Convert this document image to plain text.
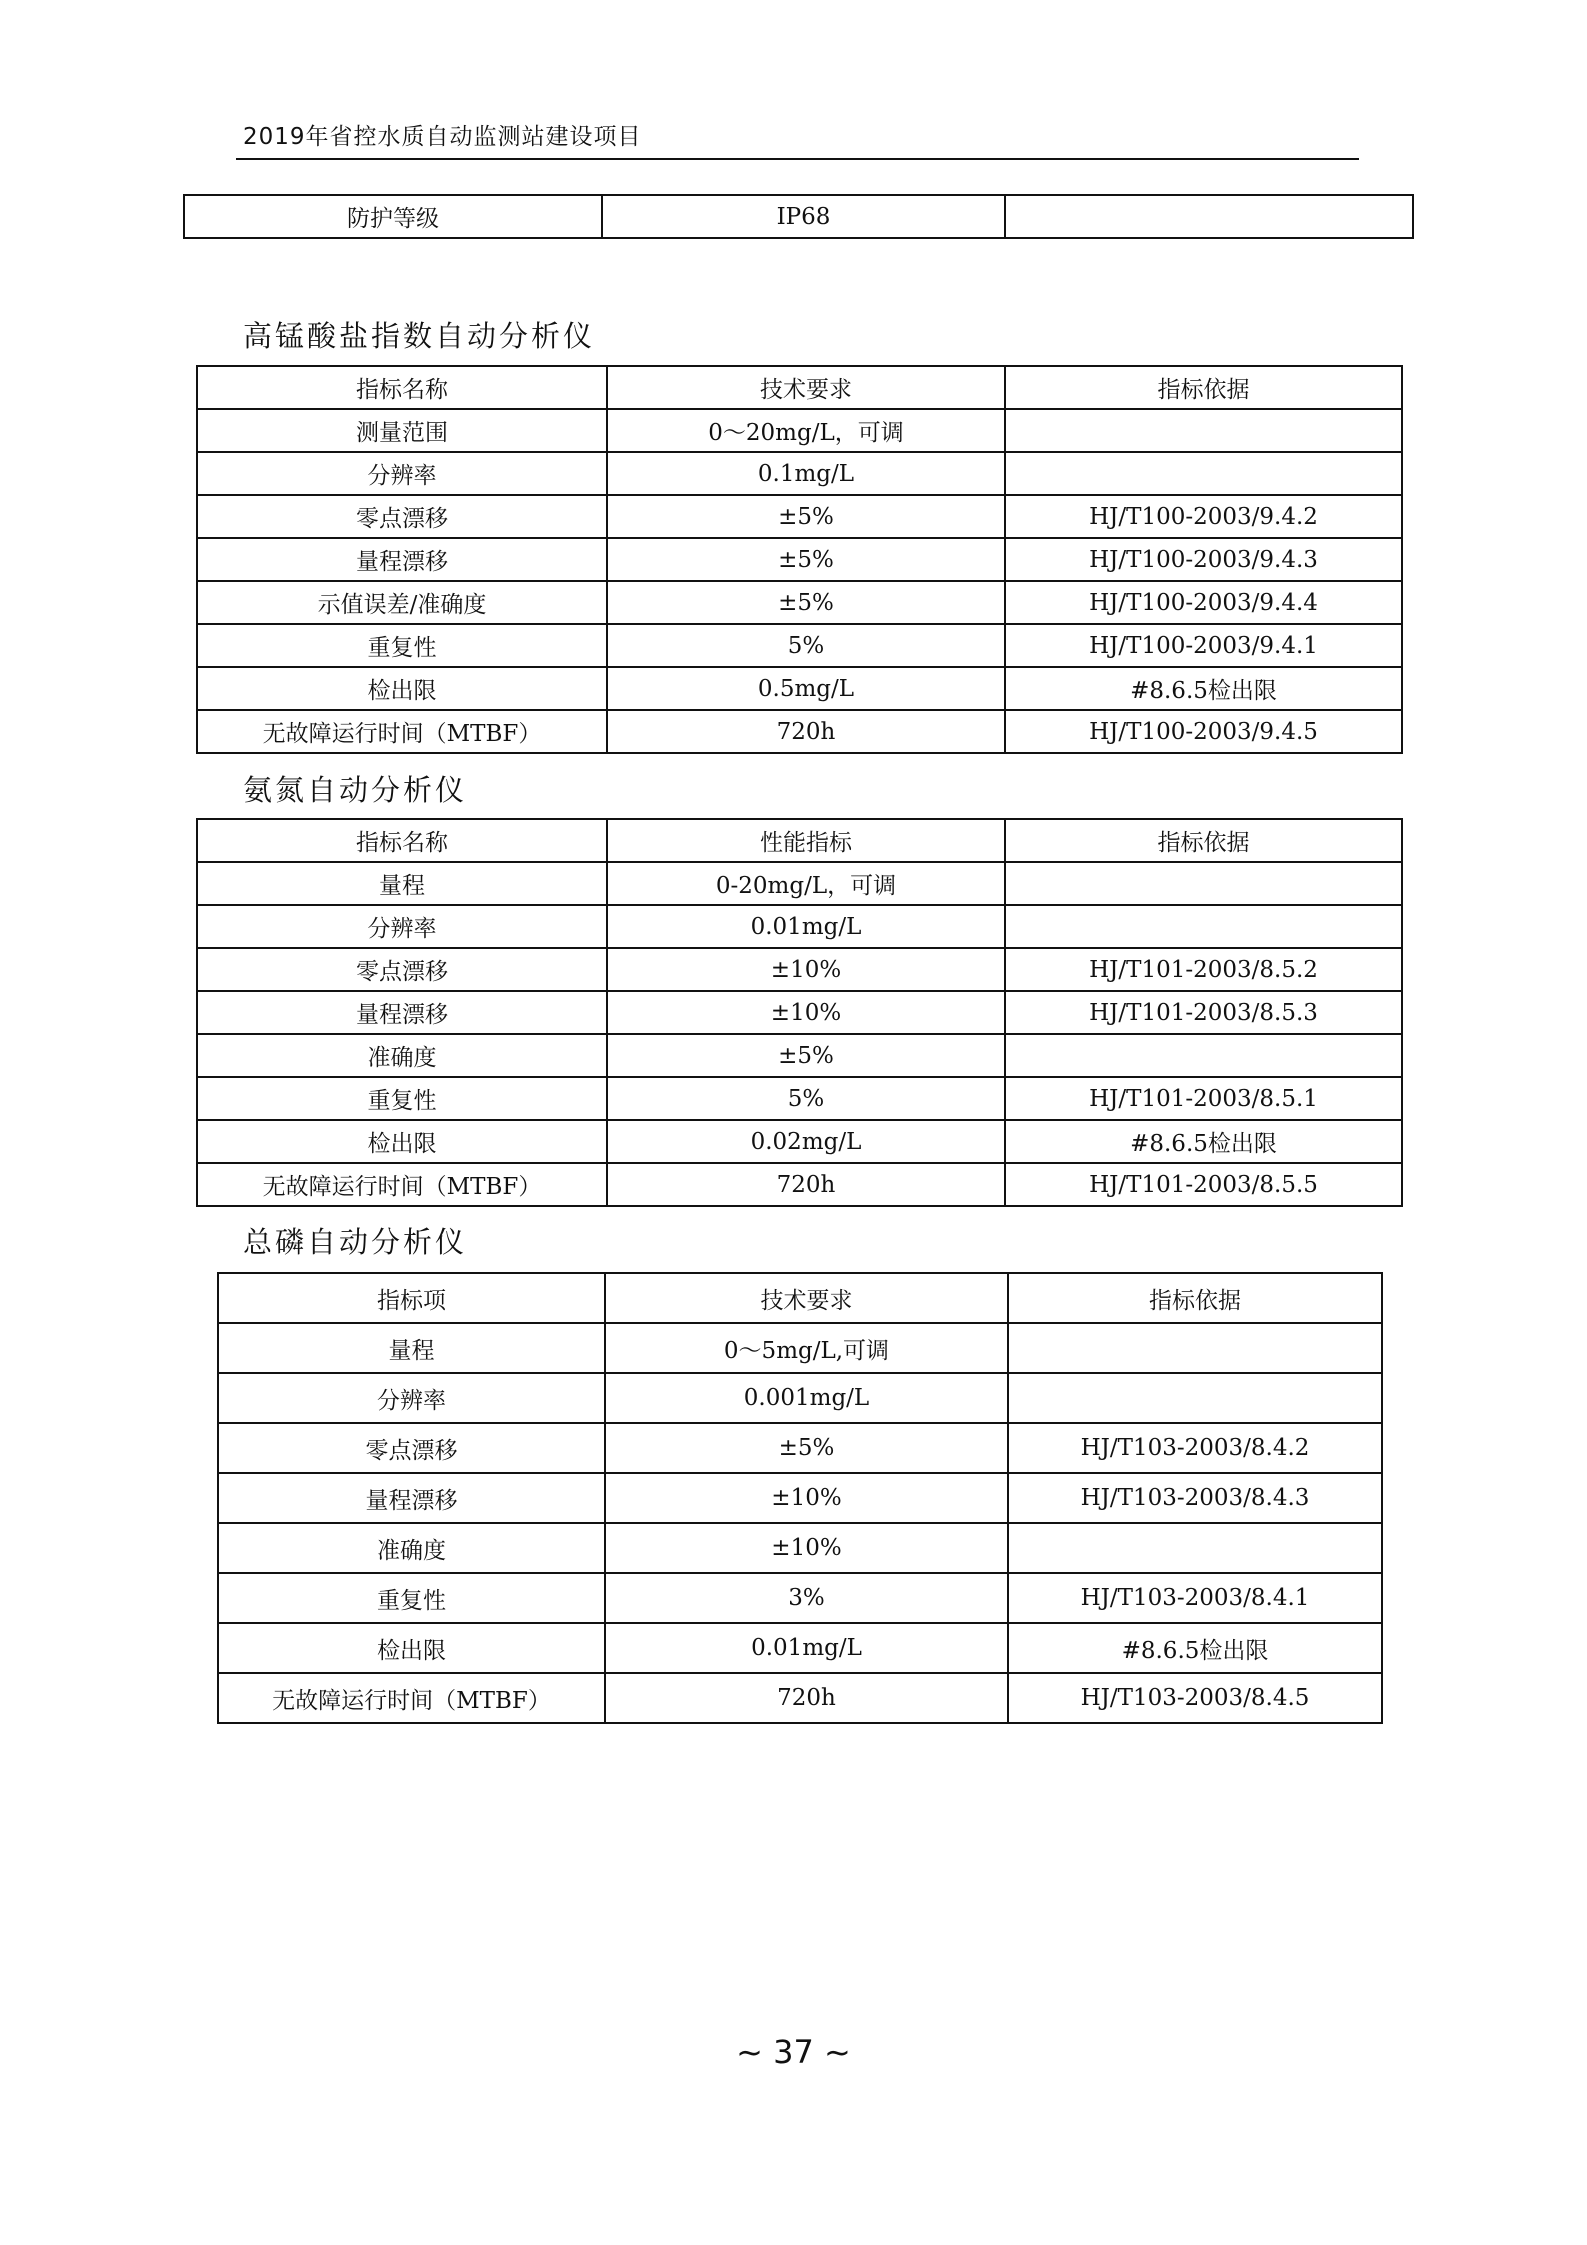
2019年省控水质自动监测站建设项目
防护等级	IP68	
高锰酸盐指数自动分析仪
指标名称	技术要求	指标依据
测量范围	0～20mg/L，可调	
分辨率	0.1mg/L	
零点漂移	±5%	HJ/T100-2003/9.4.2
量程漂移	±5%	HJ/T100-2003/9.4.3
示值误差/准确度	±5%	HJ/T100-2003/9.4.4
重复性	5%	HJ/T100-2003/9.4.1
检出限	0.5mg/L	#8.6.5检出限
无故障运行时间（MTBF）	720h	HJ/T100-2003/9.4.5
氨氮自动分析仪
指标名称	性能指标	指标依据
量程	0-20mg/L，可调	
分辨率	0.01mg/L	
零点漂移	±10%	HJ/T101-2003/8.5.2
量程漂移	±10%	HJ/T101-2003/8.5.3
准确度	±5%	
重复性	5%	HJ/T101-2003/8.5.1
检出限	0.02mg/L	#8.6.5检出限
无故障运行时间（MTBF）	720h	HJ/T101-2003/8.5.5
总磷自动分析仪
指标项	技术要求	指标依据
量程	0～5mg/L,可调	
分辨率	0.001mg/L	
零点漂移	±5%	HJ/T103-2003/8.4.2
量程漂移	±10%	HJ/T103-2003/8.4.3
准确度	±10%	
重复性	3%	HJ/T103-2003/8.4.1
检出限	0.01mg/L	#8.6.5检出限
无故障运行时间（MTBF）	720h	HJ/T103-2003/8.4.5
~ 37 ~
